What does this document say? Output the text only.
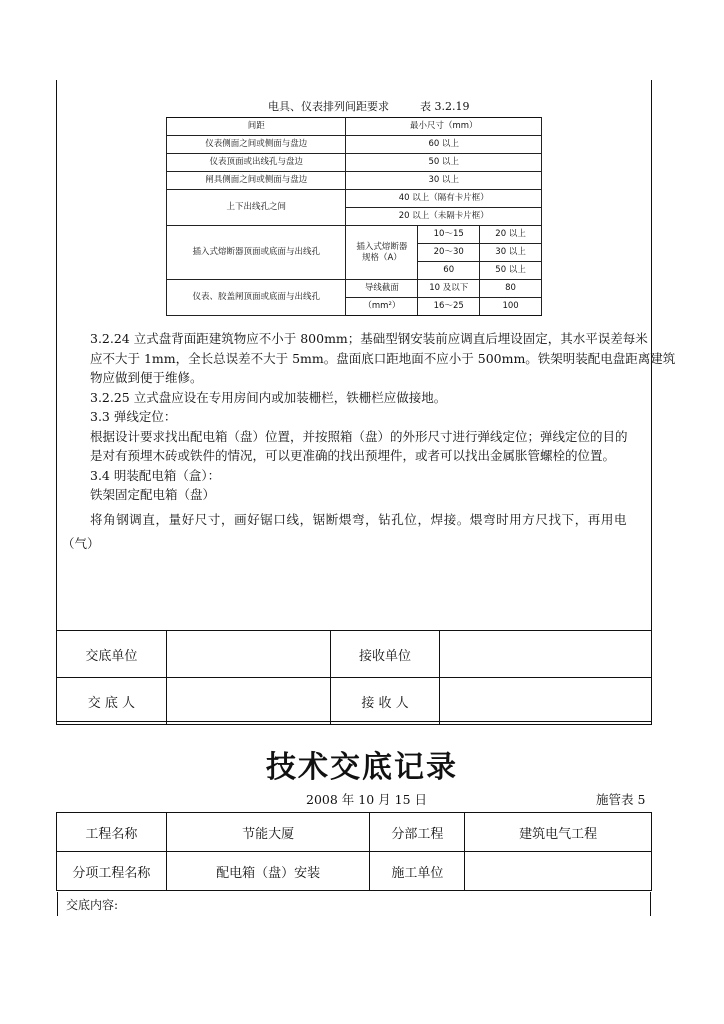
电具、仪表排列间距要求	表 3.2.19
间距	最小尺寸（mm）		
仪表侧面之间或侧面与盘边	60 以上		
仪表顶面或出线孔与盘边	50 以上		
闸具侧面之间或侧面与盘边	30 以上		
上下出线孔之间	40 以上（隔有卡片框）		
	20 以上（未隔卡片框）		
插入式熔断器顶面或底面与出线孔	插入式熔断器规格（A）	10～15	20 以上
		20～30	30 以上
		60	50 以上
仪表、胶盖闸顶面或底面与出线孔	导线截面	10 及以下	80
	（mm²）	16～25	100

3.2.24 立式盘背面距建筑物应不小于 800mm；基础型钢安装前应调直后埋设固定，其水平误差每米

应不大于 1mm，全长总误差不大于 5mm。盘面底口距地面不应小于 500mm。铁架明装配电盘距离建筑

物应做到便于维修。

3.2.25 立式盘应设在专用房间内或加装栅栏，铁栅栏应做接地。

3.3 弹线定位：

根据设计要求找出配电箱（盘）位置，并按照箱（盘）的外形尺寸进行弹线定位；弹线定位的目的

是对有预埋木砖或铁件的情况，可以更准确的找出预埋件，或者可以找出金属胀管螺栓的位置。

3.4 明装配电箱（盒）：

铁架固定配电箱（盘）

将角钢调直，量好尺寸，画好锯口线，锯断煨弯，钻孔位，焊接。煨弯时用方尺找下，再用电

（气）
交底单位		接收单位	
交 底 人		接 收 人	
技术交底记录
2008 年 10 月 15 日	施管表 5
工程名称	节能大厦	分部工程	建筑电气工程
分项工程名称	配电箱（盘）安装	施工单位	
交底内容:
